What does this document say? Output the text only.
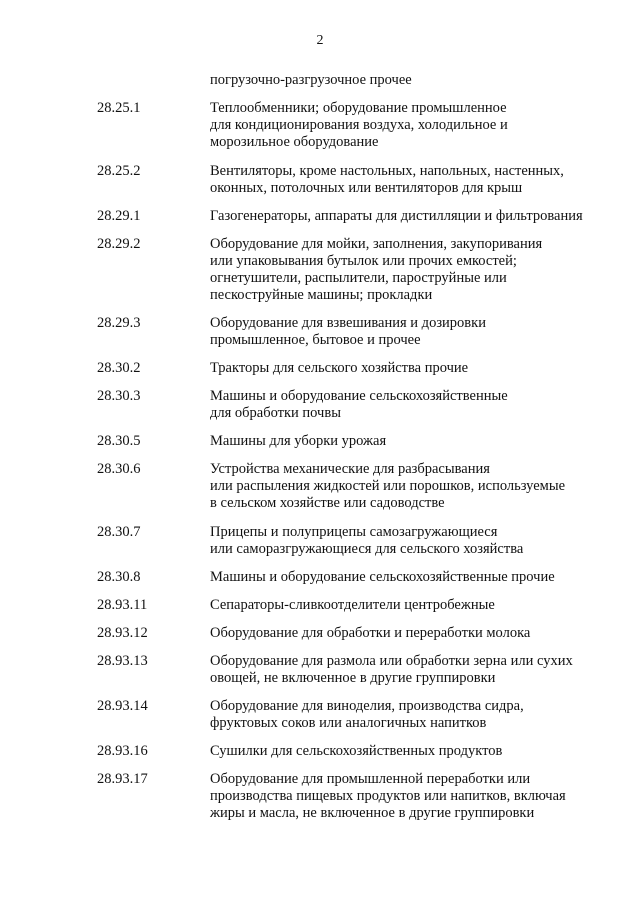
2
погрузочно-разгрузочное прочее
28.25.1	Теплообменники; оборудование промышленное
для кондиционирования воздуха, холодильное и
морозильное оборудование
28.25.2	Вентиляторы, кроме настольных, напольных, настенных,
оконных, потолочных или вентиляторов для крыш
28.29.1	Газогенераторы, аппараты для дистилляции и фильтрования
28.29.2	Оборудование для мойки, заполнения, закупоривания
или упаковывания бутылок или прочих емкостей;
огнетушители, распылители, пароструйные или
пескоструйные машины; прокладки
28.29.3	Оборудование для взвешивания и дозировки
промышленное, бытовое и прочее
28.30.2	Тракторы для сельского хозяйства прочие
28.30.3	Машины и оборудование сельскохозяйственные
для обработки почвы
28.30.5	Машины для уборки урожая
28.30.6	Устройства механические для разбрасывания
или распыления жидкостей или порошков, используемые
в сельском хозяйстве или садоводстве
28.30.7	Прицепы и полуприцепы самозагружающиеся
или саморазгружающиеся для сельского хозяйства
28.30.8	Машины и оборудование сельскохозяйственные прочие
28.93.11	Сепараторы-сливкоотделители центробежные
28.93.12	Оборудование для обработки и переработки молока
28.93.13	Оборудование для размола или обработки зерна или сухих
овощей, не включенное в другие группировки
28.93.14	Оборудование для виноделия, производства сидра,
фруктовых соков или аналогичных напитков
28.93.16	Сушилки для сельскохозяйственных продуктов
28.93.17	Оборудование для промышленной переработки или
производства пищевых продуктов или напитков, включая
жиры и масла, не включенное в другие группировки
